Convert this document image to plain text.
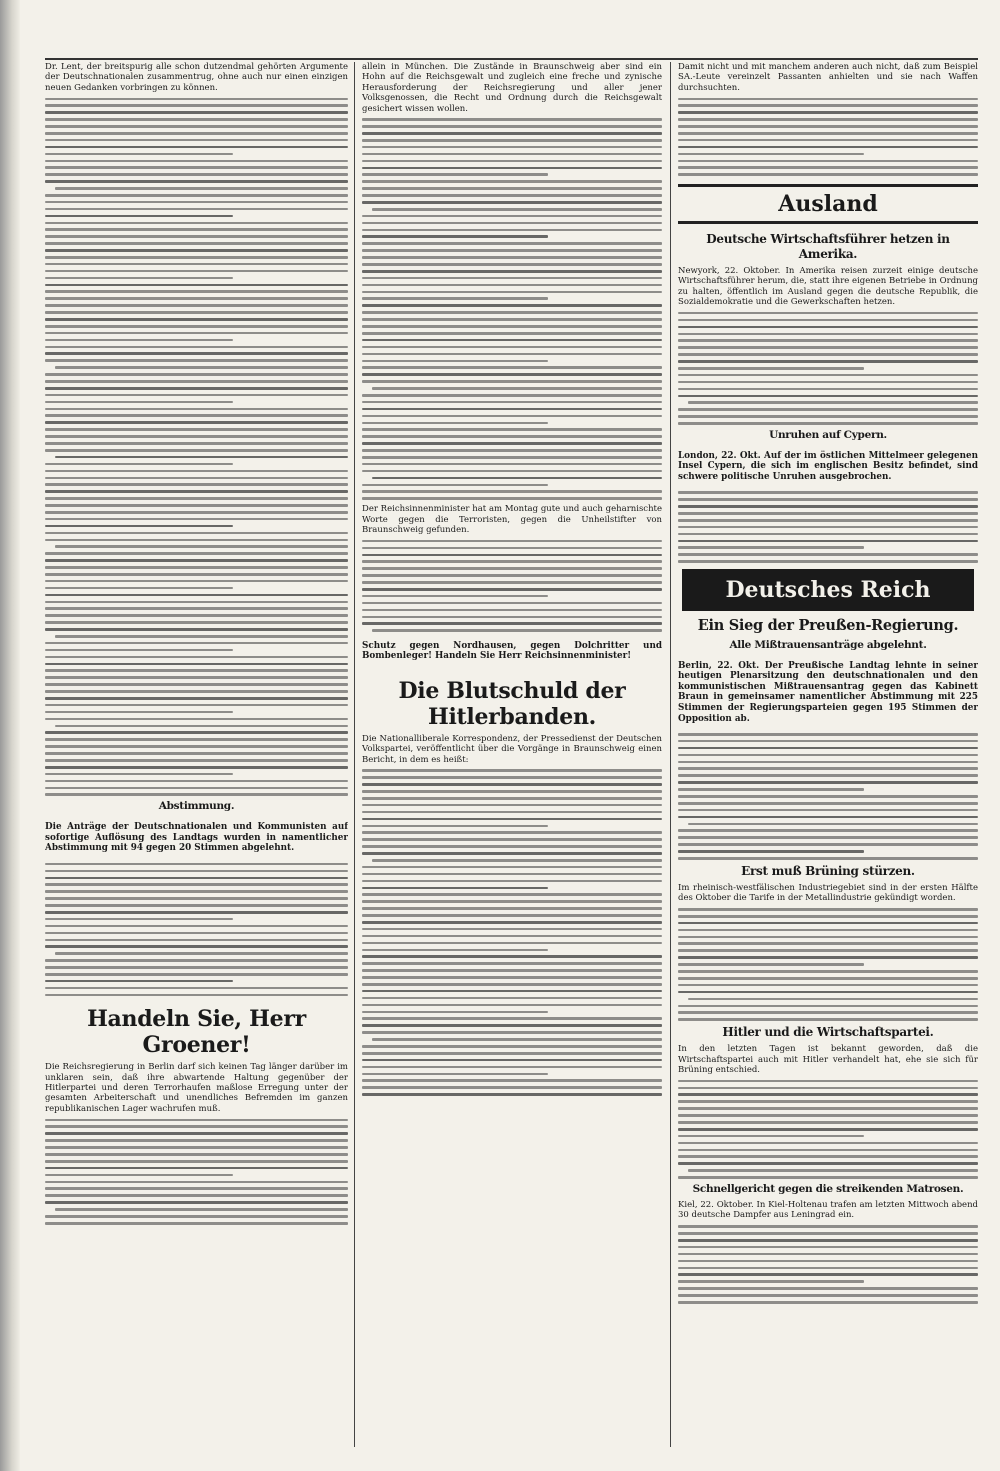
Dr. Lent, der breitspurig alle schon dutzendmal gehörten Argumente der Deutschnationalen zusammentrug, ohne auch nur einen einzigen neuen Gedanken vorbringen zu können.

Abstimmung.

Die Anträge der Deutschnationalen und Kommunisten auf sofortige Auflösung des Landtags wurden in namentlicher Abstimmung mit 94 gegen 20 Stimmen abgelehnt.

Handeln Sie, Herr Groener!

Die Reichsregierung in Berlin darf sich keinen Tag länger darüber im unklaren sein, daß ihre abwartende Haltung gegenüber der Hitlerpartei und deren Terrorhaufen maßlose Erregung unter der gesamten Arbeiterschaft und unendliches Befremden im ganzen republikanischen Lager wachrufen muß.

allein in München. Die Zustände in Braunschweig aber sind ein Hohn auf die Reichsgewalt und zugleich eine freche und zynische Herausforderung der Reichsregierung und aller jener Volksgenossen, die Recht und Ordnung durch die Reichsgewalt gesichert wissen wollen.

Der Reichsinnenminister hat am Montag gute und auch geharnischte Worte gegen die Terroristen, gegen die Unheilstifter von Braunschweig gefunden.

Schutz gegen Nordhausen, gegen Dolchritter und Bombenleger! Handeln Sie Herr Reichsinnenminister!

Die Blutschuld der Hitlerbanden.

Die Nationalliberale Korrespondenz, der Pressedienst der Deutschen Volkspartei, veröffentlicht über die Vorgänge in Braunschweig einen Bericht, in dem es heißt:

Damit nicht und mit manchem anderen auch nicht, daß zum Beispiel SA.-Leute vereinzelt Passanten anhielten und sie nach Waffen durchsuchten.

Ausland
Deutsche Wirtschaftsführer hetzen in Amerika.

Newyork, 22. Oktober. In Amerika reisen zurzeit einige deutsche Wirtschaftsführer herum, die, statt ihre eigenen Betriebe in Ordnung zu halten, öffentlich im Ausland gegen die deutsche Republik, die Sozialdemokratie und die Gewerkschaften hetzen.

Unruhen auf Cypern.

London, 22. Okt. Auf der im östlichen Mittelmeer gelegenen Insel Cypern, die sich im englischen Besitz befindet, sind schwere politische Unruhen ausgebrochen.

Deutsches Reich
Ein Sieg der Preußen-Regierung.
Alle Mißtrauensanträge abgelehnt.

Berlin, 22. Okt. Der Preußische Landtag lehnte in seiner heutigen Plenarsitzung den deutschnationalen und den kommunistischen Mißtrauensantrag gegen das Kabinett Braun in gemeinsamer namentlicher Abstimmung mit 225 Stimmen der Regierungsparteien gegen 195 Stimmen der Opposition ab.

Erst muß Brüning stürzen.

Im rheinisch-westfälischen Industriegebiet sind in der ersten Hälfte des Oktober die Tarife in der Metallindustrie gekündigt worden.

Hitler und die Wirtschaftspartei.

In den letzten Tagen ist bekannt geworden, daß die Wirtschaftspartei auch mit Hitler verhandelt hat, ehe sie sich für Brüning entschied.

Schnellgericht gegen die streikenden Matrosen.

Kiel, 22. Oktober. In Kiel-Holtenau trafen am letzten Mittwoch abend 30 deutsche Dampfer aus Leningrad ein.
